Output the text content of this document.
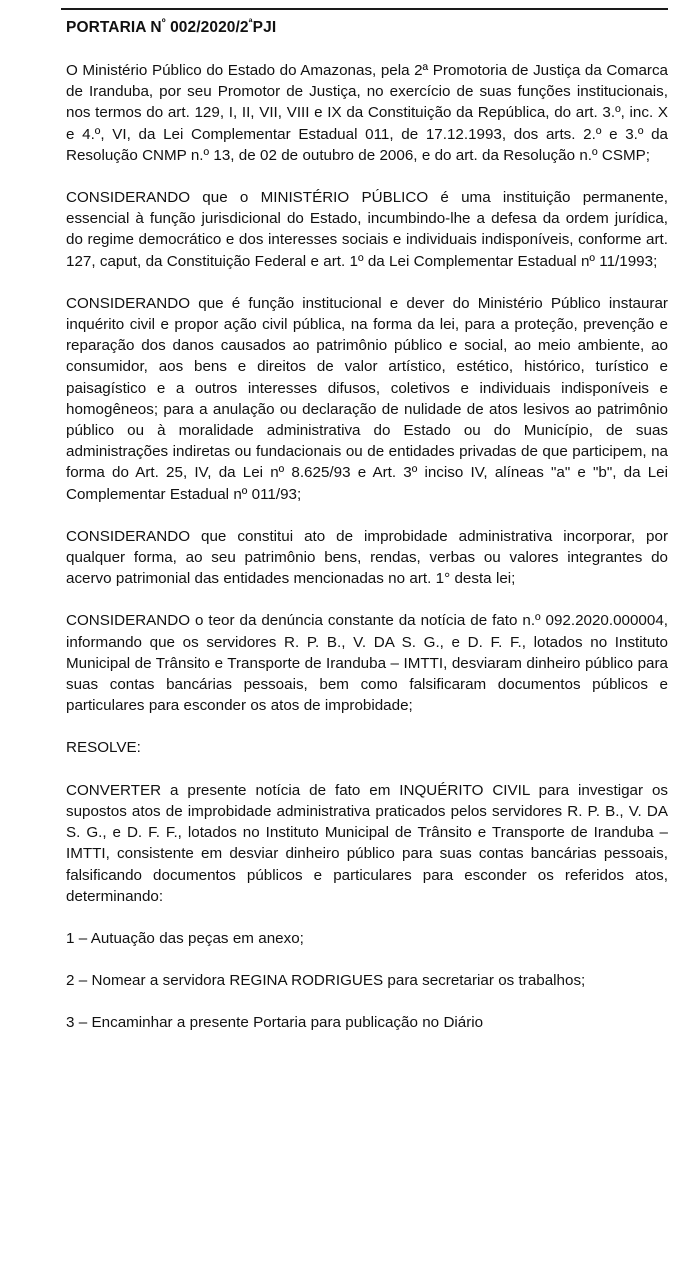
PORTARIA $N^º$ $002/2020/2^ªPJI$

O Ministério Público do Estado do Amazonas, pela 2ª Promotoria de Justiça da Comarca de Iranduba, por seu Promotor de Justiça, no exercício de suas funções institucionais, nos termos do art. 129, I, II, VII, VIII e IX da Constituição da República, do art. 3.º, inc. X e 4.º, VI, da Lei Complementar Estadual 011, de 17.12.1993, dos arts. 2.º e 3.º da Resolução CNMP n.º 13, de 02 de outubro de 2006, e do art. da Resolução n.º CSMP;

CONSIDERANDO que o MINISTÉRIO PÚBLICO é uma instituição permanente, essencial à função jurisdicional do Estado, incumbindo-lhe a defesa da ordem jurídica, do regime democrático e dos interesses sociais e individuais indisponíveis, conforme art. 127, caput, da Constituição Federal e art. 1º da Lei Complementar Estadual nº 11/1993;

CONSIDERANDO que é função institucional e dever do Ministério Público instaurar inquérito civil e propor ação civil pública, na forma da lei, para a proteção, prevenção e reparação dos danos causados ao patrimônio público e social, ao meio ambiente, ao consumidor, aos bens e direitos de valor artístico, estético, histórico, turístico e paisagístico e a outros interesses difusos, coletivos e individuais indisponíveis e homogêneos; para a anulação ou declaração de nulidade de atos lesivos ao patrimônio público ou à moralidade administrativa do Estado ou do Município, de suas administrações indiretas ou fundacionais ou de entidades privadas de que participem, na forma do Art. 25, IV, da Lei nº 8.625/93 e Art. 3º inciso IV, alíneas "a" e "b", da Lei Complementar Estadual nº 011/93;

CONSIDERANDO que constitui ato de improbidade administrativa incorporar, por qualquer forma, ao seu patrimônio bens, rendas, verbas ou valores integrantes do acervo patrimonial das entidades mencionadas no art. 1° desta lei;

CONSIDERANDO o teor da denúncia constante da notícia de fato n.º 092.2020.000004, informando que os servidores R. P. B., V. DA S. G., e D. F. F., lotados no Instituto Municipal de Trânsito e Transporte de Iranduba – IMTTI, desviaram dinheiro público para suas contas bancárias pessoais, bem como falsificaram documentos públicos e particulares para esconder os atos de improbidade;

RESOLVE:

CONVERTER a presente notícia de fato em INQUÉRITO CIVIL para investigar os supostos atos de improbidade administrativa praticados pelos servidores R. P. B., V. DA S. G., e D. F. F., lotados no Instituto Municipal de Trânsito e Transporte de Iranduba – IMTTI, consistente em desviar dinheiro público para suas contas bancárias pessoais, falsificando documentos públicos e particulares para esconder os referidos atos, determinando:

1 – Autuação das peças em anexo;

2 – Nomear a servidora REGINA RODRIGUES para secretariar os trabalhos;

3 – Encaminhar a presente Portaria para publicação no Diário
